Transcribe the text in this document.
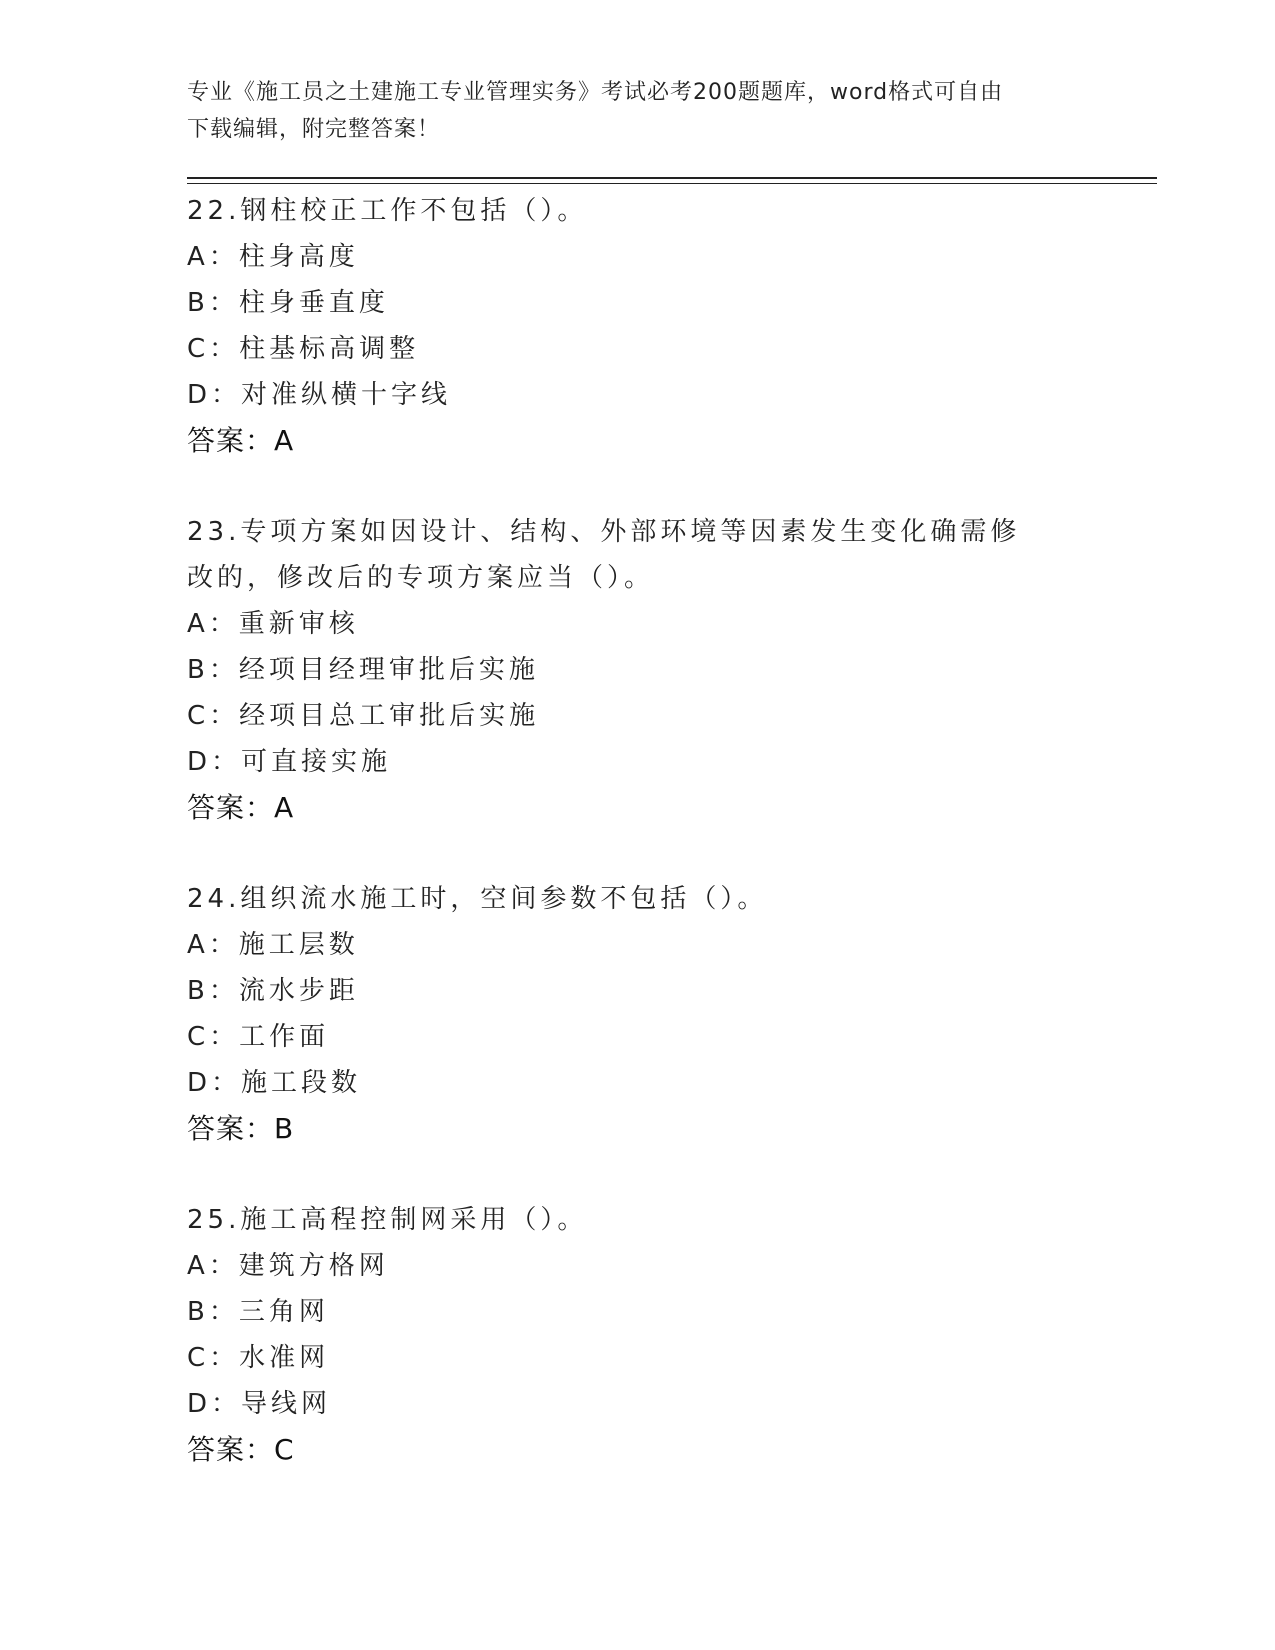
专业《施工员之土建施工专业管理实务》考试必考200题题库，word格式可自由
下载编辑，附完整答案！
22.钢柱校正工作不包括（）。
A：柱身高度
B：柱身垂直度
C：柱基标高调整
D：对准纵横十字线
答案：A
23.专项方案如因设计、结构、外部环境等因素发生变化确需修改的，修改后的专项方案应当（）。
A：重新审核
B：经项目经理审批后实施
C：经项目总工审批后实施
D：可直接实施
答案：A
24.组织流水施工时，空间参数不包括（）。
A：施工层数
B：流水步距
C：工作面
D：施工段数
答案：B
25.施工高程控制网采用（）。
A：建筑方格网
B：三角网
C：水准网
D：导线网
答案：C
